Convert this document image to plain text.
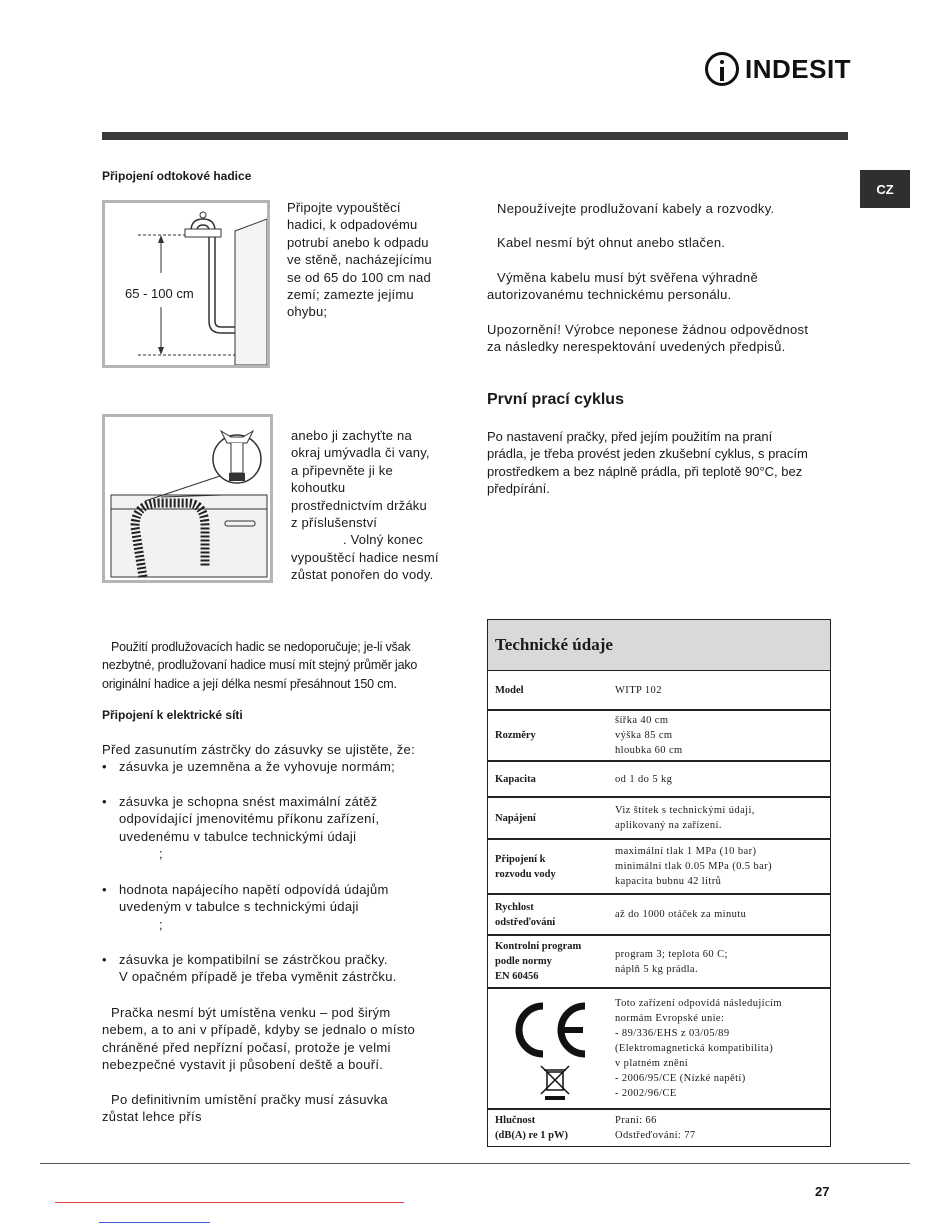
INDESIT
CZ
Připojení odtokové hadice
65 - 100 cm
Připojte vypouštěcí
hadici, k odpadovému
potrubí anebo k odpadu
ve stěně, nacházejícímu
se od 65 do 100 cm nad
zemí; zamezte jejímu
ohybu;
anebo ji zachyťte na
okraj umývadla či vany,
a připevněte ji ke
kohoutku
prostřednictvím držáku
z příslušenství
. Volný konec
vypouštěcí hadice nesmí
zůstat ponořen do vody.
Použití prodlužovacích hadic se nedoporučuje; je-li však
nezbytné, prodlužovaní hadice musí mít stejný průměr jako
originální hadice a její délka nesmí přesáhnout 150 cm.
Připojení k elektrické síti
Před zasunutím zástrčky do zásuvky se ujistěte, že:
• zásuvka je uzemněna a že vyhovuje normám;
• zásuvka je schopna snést maximální zátěž
odpovídající jmenovitému příkonu zařízení,
uvedenému v tabulce technickými údaji
;
• hodnota napájecího napětí odpovídá údajům
uvedeným v tabulce s technickými údaji
;
• zásuvka je kompatibilní se zástrčkou pračky.
V opačném případě je třeba vyměnit zástrčku.
Pračka nesmí být umístěna venku – pod širým
nebem, a to ani v případě, kdyby se jednalo o místo
chráněné před nepřízní počasí, protože je velmi
nebezpečné vystavit ji působení deště a bouří.
Po definitivním umístění pračky musí zásuvka
zůstat lehce přís
Nepoužívejte prodlužovaní kabely a rozvodky.
Kabel nesmí být ohnut anebo stlačen.
Výměna kabelu musí být svěřena výhradně
autorizovanému technickému personálu.
Upozornění! Výrobce neponese žádnou odpovědnost
za následky nerespektování uvedených předpisů.
První prací cyklus
Po nastavení pračky, před jejím použitím na praní
prádla, je třeba provést jeden zkušební cyklus, s pracím
prostředkem a bez náplně prádla, při teplotě 90°C, bez
předpírání.
Technické údaje
Model	WITP 102
Rozměry
šířka 40 cm
výška 85 cm
hloubka 60 cm
Kapacita	od 1 do 5 kg
Napájení
Viz štítek s technickými údaji,
aplikovaný na zařízení.
Připojení k
rozvodu vody
maximální tlak 1 MPa (10 bar)
minimální tlak 0.05 MPa (0.5 bar)
kapacita bubnu 42 litrů
Rychlost
odstřeďování
až do 1000 otáček za minutu
Kontrolní program
podle normy
EN 60456
program 3; teplota 60 C;
náplň 5 kg prádla.
Toto zařízení odpovídá následujícím
normám Evropské unie:
- 89/336/EHS z 03/05/89
(Elektromagnetická kompatibilita)
v platném znění
- 2006/95/CE (Nízké napětí)
- 2002/96/CE
Hlučnost
(dB(A) re 1 pW)
Praní: 66
Odstřeďování: 77
27
